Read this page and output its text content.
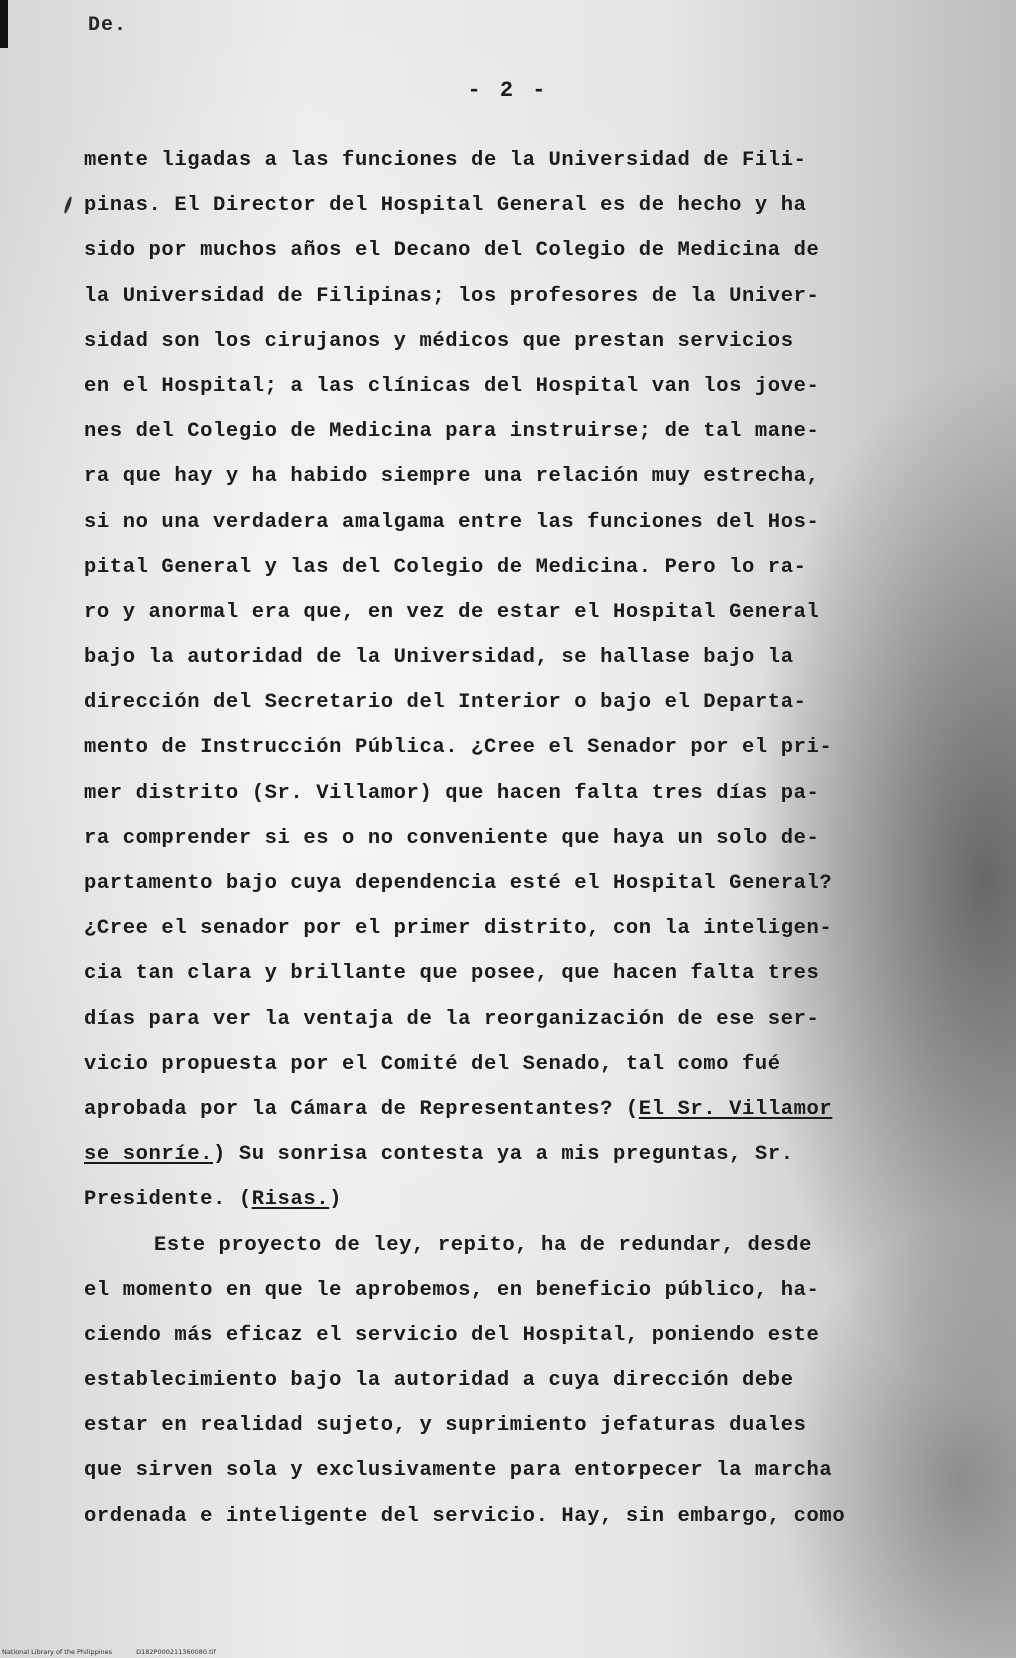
De.
- 2 -
mente ligadas a las funciones de la Universidad de Fili-
pinas. El Director del Hospital General es de hecho y ha
sido por muchos años el Decano del Colegio de Medicina de
la Universidad de Filipinas; los profesores de la Univer-
sidad son los cirujanos y médicos que prestan servicios
en el Hospital; a las clínicas del Hospital van los jove-
nes del Colegio de Medicina para instruirse; de tal mane-
ra que hay y ha habido siempre una relación muy estrecha,
si no una verdadera amalgama entre las funciones del Hos-
pital General y las del Colegio de Medicina. Pero lo ra-
ro y anormal era que, en vez de estar el Hospital General
bajo la autoridad de la Universidad, se hallase bajo la
dirección del Secretario del Interior o bajo el Departa-
mento de Instrucción Pública. ¿Cree el Senador por el pri-
mer distrito (Sr. Villamor) que hacen falta tres días pa-
ra comprender si es o no conveniente que haya un solo de-
partamento bajo cuya dependencia esté el Hospital General?
¿Cree el senador por el primer distrito, con la inteligen-
cia tan clara y brillante que posee, que hacen falta tres
días para ver la ventaja de la reorganización de ese ser-
vicio propuesta por el Comité del Senado, tal como fué
aprobada por la Cámara de Representantes? (El Sr. Villamor
se sonríe.) Su sonrisa contesta ya a mis preguntas, Sr.
Presidente. (Risas.)
Este proyecto de ley, repito, ha de redundar, desde
el momento en que le aprobemos, en beneficio público, ha-
ciendo más eficaz el servicio del Hospital, poniendo este
establecimiento bajo la autoridad a cuya dirección debe
estar en realidad sujeto, y suprimiento jefaturas duales
que sirven sola y exclusivamente para entorpecer la marcha
ordenada e inteligente del servicio. Hay, sin embargo, como
National Library of the Philippines	D182P000211360080.tif
